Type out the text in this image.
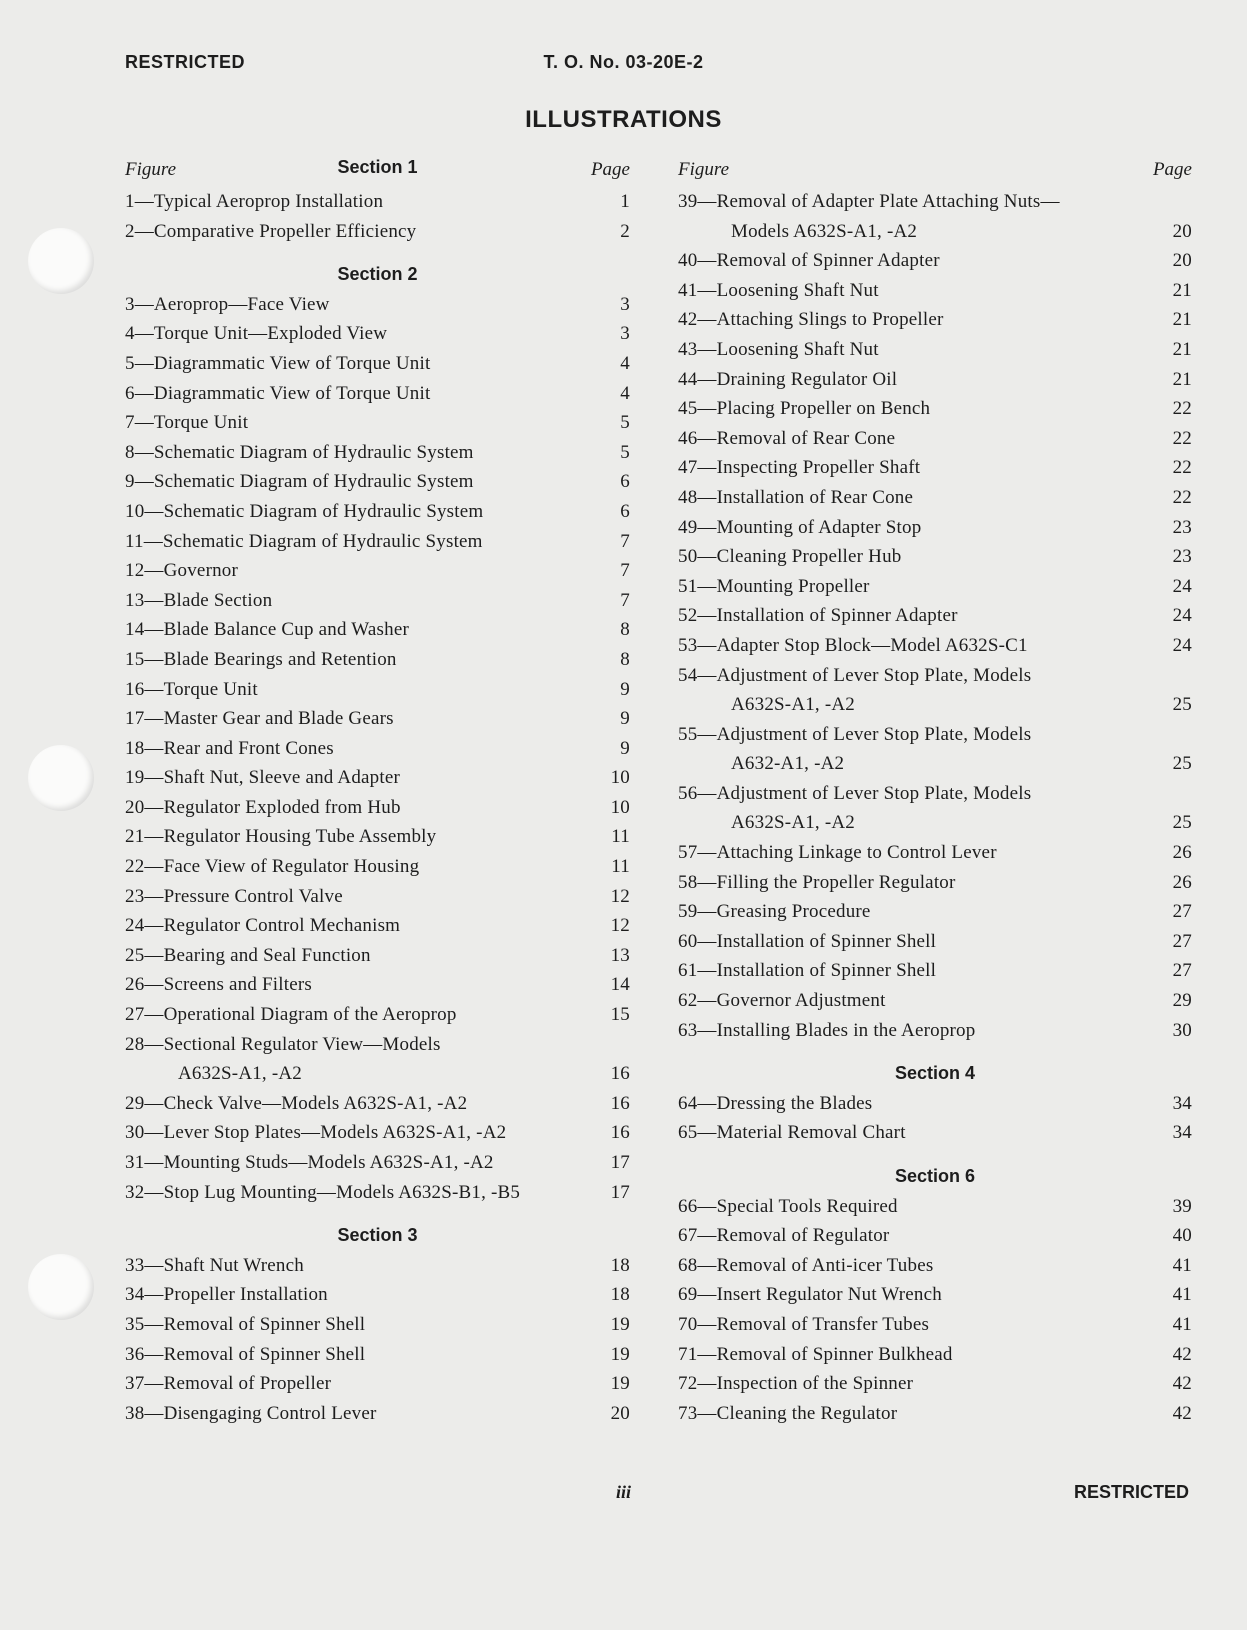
RESTRICTED	T. O. No. 03-20E-2
ILLUSTRATIONS
Figure	Page
Section 1
1—Typical Aeroprop Installation	1
2—Comparative Propeller Efficiency	2
Section 2
3—Aeroprop—Face View	3
4—Torque Unit—Exploded View	3
5—Diagrammatic View of Torque Unit	4
6—Diagrammatic View of Torque Unit	4
7—Torque Unit	5
8—Schematic Diagram of Hydraulic System	5
9—Schematic Diagram of Hydraulic System	6
10—Schematic Diagram of Hydraulic System	6
11—Schematic Diagram of Hydraulic System	7
12—Governor	7
13—Blade Section	7
14—Blade Balance Cup and Washer	8
15—Blade Bearings and Retention	8
16—Torque Unit	9
17—Master Gear and Blade Gears	9
18—Rear and Front Cones	9
19—Shaft Nut, Sleeve and Adapter	10
20—Regulator Exploded from Hub	10
21—Regulator Housing Tube Assembly	11
22—Face View of Regulator Housing	11
23—Pressure Control Valve	12
24—Regulator Control Mechanism	12
25—Bearing and Seal Function	13
26—Screens and Filters	14
27—Operational Diagram of the Aeroprop	15
28—Sectional Regulator View—Models
A632S-A1, -A2	16
29—Check Valve—Models A632S-A1, -A2	16
30—Lever Stop Plates—Models A632S-A1, -A2	16
31—Mounting Studs—Models A632S-A1, -A2	17
32—Stop Lug Mounting—Models A632S-B1, -B5	17
Section 3
33—Shaft Nut Wrench	18
34—Propeller Installation	18
35—Removal of Spinner Shell	19
36—Removal of Spinner Shell	19
37—Removal of Propeller	19
38—Disengaging Control Lever	20
Figure	Page
39—Removal of Adapter Plate Attaching Nuts—
Models A632S-A1, -A2	20
40—Removal of Spinner Adapter	20
41—Loosening Shaft Nut	21
42—Attaching Slings to Propeller	21
43—Loosening Shaft Nut	21
44—Draining Regulator Oil	21
45—Placing Propeller on Bench	22
46—Removal of Rear Cone	22
47—Inspecting Propeller Shaft	22
48—Installation of Rear Cone	22
49—Mounting of Adapter Stop	23
50—Cleaning Propeller Hub	23
51—Mounting Propeller	24
52—Installation of Spinner Adapter	24
53—Adapter Stop Block—Model A632S-C1	24
54—Adjustment of Lever Stop Plate, Models
A632S-A1, -A2	25
55—Adjustment of Lever Stop Plate, Models
A632-A1, -A2	25
56—Adjustment of Lever Stop Plate, Models
A632S-A1, -A2	25
57—Attaching Linkage to Control Lever	26
58—Filling the Propeller Regulator	26
59—Greasing Procedure	27
60—Installation of Spinner Shell	27
61—Installation of Spinner Shell	27
62—Governor Adjustment	29
63—Installing Blades in the Aeroprop	30
Section 4
64—Dressing the Blades	34
65—Material Removal Chart	34
Section 6
66—Special Tools Required	39
67—Removal of Regulator	40
68—Removal of Anti-icer Tubes	41
69—Insert Regulator Nut Wrench	41
70—Removal of Transfer Tubes	41
71—Removal of Spinner Bulkhead	42
72—Inspection of the Spinner	42
73—Cleaning the Regulator	42
iii	RESTRICTED
